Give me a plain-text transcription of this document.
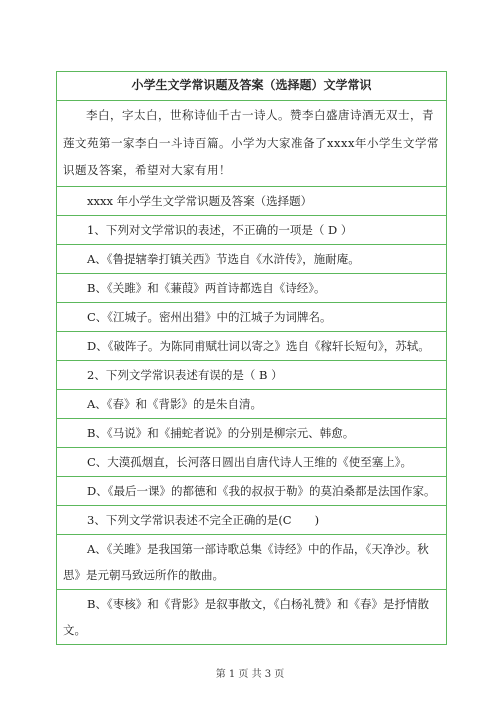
小学生文学常识题及答案（选择题）文学常识
李白，字太白，世称诗仙千古一诗人。赞李白盛唐诗酒无双士，青莲文苑第一家李白一斗诗百篇。小学为大家准备了xxxx年小学生文学常识题及答案，希望对大家有用！
xxxx 年小学生文学常识题及答案（选择题）
1、下列对文学常识的表述，不正确的一项是（ D ）
A、《鲁提辖拳打镇关西》节选自《水浒传》，施耐庵。
B、《关雎》和《蒹葭》两首诗都选自《诗经》。
C、《江城子。密州出猎》中的江城子为词牌名。
D、《破阵子。为陈同甫赋壮词以寄之》选自《稼轩长短句》，苏轼。
2、下列文学常识表述有误的是（ B ）
A、《春》和《背影》的是朱自清。
B、《马说》和《捕蛇者说》的分别是柳宗元、韩愈。
C、大漠孤烟直，长河落日圆出自唐代诗人王维的《使至塞上》。
D、《最后一课》的都德和《我的叔叔于勒》的莫泊桑都是法国作家。
3、下列文学常识表述不完全正确的是(C　　)
A、《关雎》是我国第一部诗歌总集《诗经》中的作品，《天净沙。秋思》是元朝马致远所作的散曲。
B、《枣核》和《背影》是叙事散文，《白杨礼赞》和《春》是抒情散文。
第 1 页 共 3 页
